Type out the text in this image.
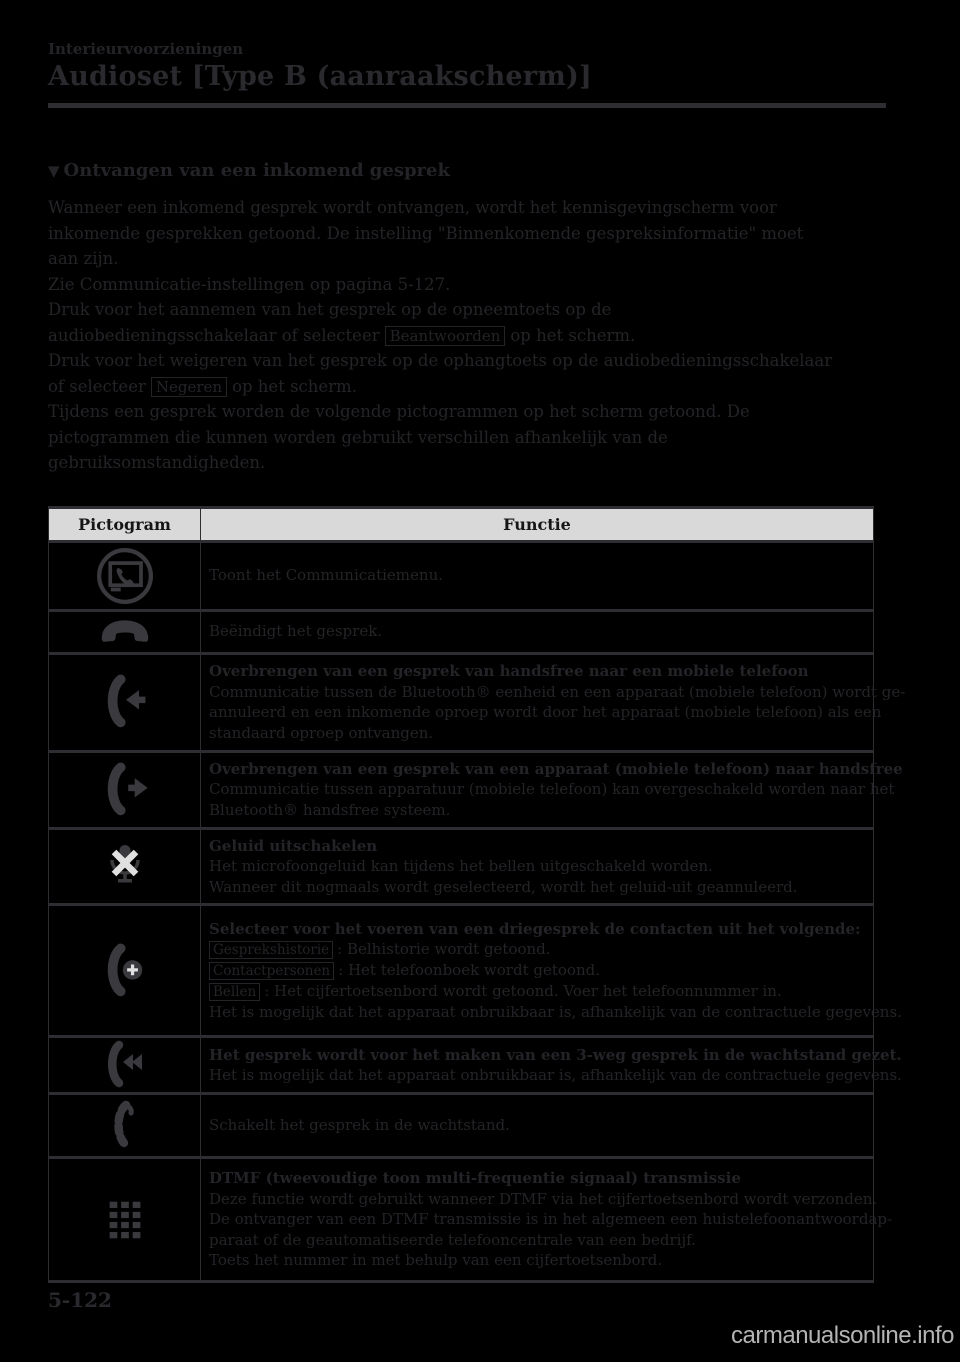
Interieurvoorzieningen
Audioset [Type B (aanraakscherm)]
▼ Ontvangen van een inkomend gesprek
Wanneer een inkomend gesprek wordt ontvangen, wordt het kennisgevingscherm voor
inkomende gesprekken getoond. De instelling "Binnenkomende gespreksinformatie" moet
aan zijn.
Zie Communicatie-instellingen op pagina 5-127.
Druk voor het aannemen van het gesprek op de opneemtoets op de
audiobedieningsschakelaar of selecteer Beantwoorden op het scherm.
Druk voor het weigeren van het gesprek op de ophangtoets op de audiobedieningsschakelaar
of selecteer Negeren op het scherm.
Tijdens een gesprek worden de volgende pictogrammen op het scherm getoond. De
pictogrammen die kunnen worden gebruikt verschillen afhankelijk van de
gebruiksomstandigheden.
Pictogram	Functie

Toont het Communicatiemenu.

Beëindigt het gesprek.

Overbrengen van een gesprek van handsfree naar een mobiele telefoon
Communicatie tussen de Bluetooth® eenheid en een apparaat (mobiele telefoon) wordt ge-
annuleerd en een inkomende oproep wordt door het apparaat (mobiele telefoon) als een
standaard oproep ontvangen.

Overbrengen van een gesprek van een apparaat (mobiele telefoon) naar handsfree
Communicatie tussen apparatuur (mobiele telefoon) kan overgeschakeld worden naar het
Bluetooth® handsfree systeem.

Geluid uitschakelen
Het microfoongeluid kan tijdens het bellen uitgeschakeld worden.
Wanneer dit nogmaals wordt geselecteerd, wordt het geluid-uit geannuleerd.

Selecteer voor het voeren van een driegesprek de contacten uit het volgende:
Gesprekshistorie : Belhistorie wordt getoond.
Contactpersonen : Het telefoonboek wordt getoond.
Bellen : Het cijfertoetsenbord wordt getoond. Voer het telefoonnummer in.
Het is mogelijk dat het apparaat onbruikbaar is, afhankelijk van de contractuele gegevens.

Het gesprek wordt voor het maken van een 3-weg gesprek in de wachtstand gezet.
Het is mogelijk dat het apparaat onbruikbaar is, afhankelijk van de contractuele gegevens.

Schakelt het gesprek in de wachtstand.

DTMF (tweevoudige toon multi-frequentie signaal) transmissie
Deze functie wordt gebruikt wanneer DTMF via het cijfertoetsenbord wordt verzonden.
De ontvanger van een DTMF transmissie is in het algemeen een huistelefoonantwoordap-
paraat of de geautomatiseerde telefooncentrale van een bedrijf.
Toets het nummer in met behulp van een cijfertoetsenbord.
5-122
carmanualsonline.info
